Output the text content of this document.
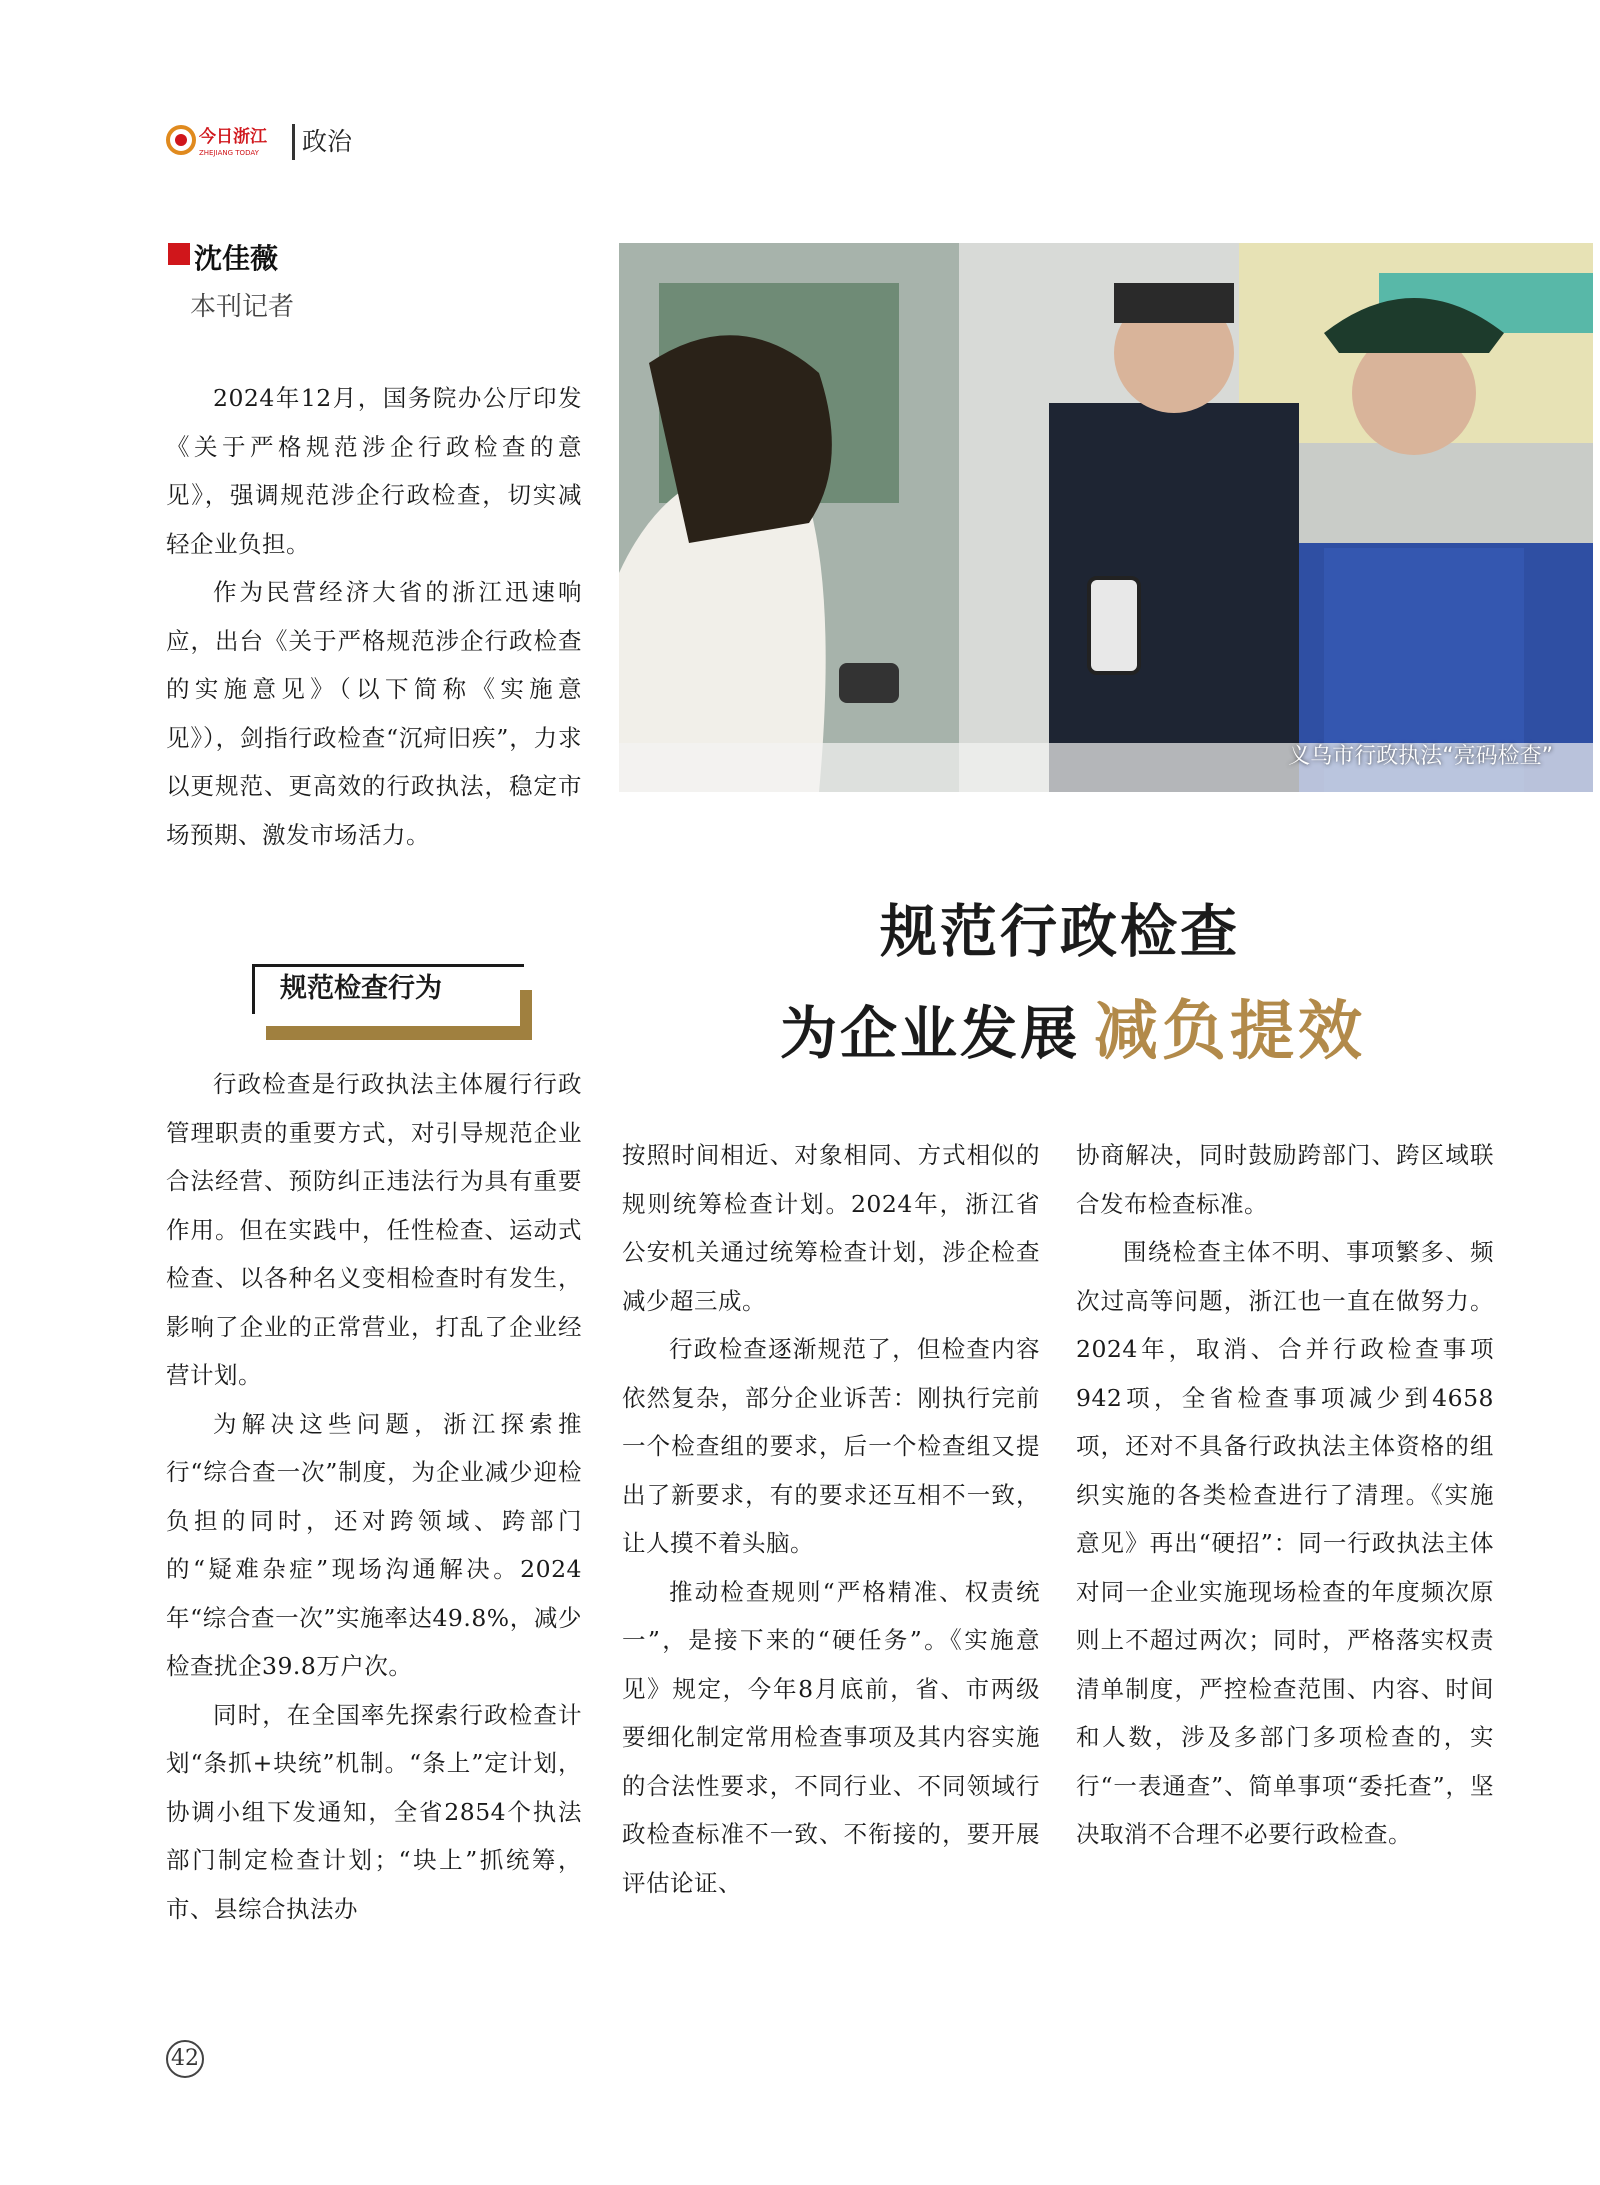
今日浙江
ZHEJIANG TODAY 政治
沈佳薇
本刊记者
义乌市行政执法“亮码检查”
规范行政检查
为企业发展 减负提效
规范检查行为

2024年12月，国务院办公厅印发《关于严格规范涉企行政检查的意见》，强调规范涉企行政检查，切实减轻企业负担。

作为民营经济大省的浙江迅速响应，出台《关于严格规范涉企行政检查的实施意见》（以下简称《实施意见》），剑指行政检查“沉疴旧疾”，力求以更规范、更高效的行政执法，稳定市场预期、激发市场活力。

行政检查是行政执法主体履行行政管理职责的重要方式，对引导规范企业合法经营、预防纠正违法行为具有重要作用。但在实践中，任性检查、运动式检查、以各种名义变相检查时有发生，影响了企业的正常营业，打乱了企业经营计划。

为解决这些问题，浙江探索推行“综合查一次”制度，为企业减少迎检负担的同时，还对跨领域、跨部门的“疑难杂症”现场沟通解决。2024年“综合查一次”实施率达49.8%，减少检查扰企39.8万户次。

同时，在全国率先探索行政检查计划“条抓+块统”机制。“条上”定计划，协调小组下发通知，全省2854个执法部门制定检查计划；“块上”抓统筹，市、县综合执法办

按照时间相近、对象相同、方式相似的规则统筹检查计划。2024年，浙江省公安机关通过统筹检查计划，涉企检查减少超三成。

行政检查逐渐规范了，但检查内容依然复杂，部分企业诉苦：刚执行完前一个检查组的要求，后一个检查组又提出了新要求，有的要求还互相不一致，让人摸不着头脑。

推动检查规则“严格精准、权责统一”，是接下来的“硬任务”。《实施意见》规定，今年8月底前，省、市两级要细化制定常用检查事项及其内容实施的合法性要求，不同行业、不同领域行政检查标准不一致、不衔接的，要开展评估论证、

协商解决，同时鼓励跨部门、跨区域联合发布检查标准。

围绕检查主体不明、事项繁多、频次过高等问题，浙江也一直在做努力。2024年，取消、合并行政检查事项942项，全省检查事项减少到4658项，还对不具备行政执法主体资格的组织实施的各类检查进行了清理。《实施意见》再出“硬招”：同一行政执法主体对同一企业实施现场检查的年度频次原则上不超过两次；同时，严格落实权责清单制度，严控检查范围、内容、时间和人数，涉及多部门多项检查的，实行“一表通查”、简单事项“委托查”，坚决取消不合理不必要行政检查。

42
